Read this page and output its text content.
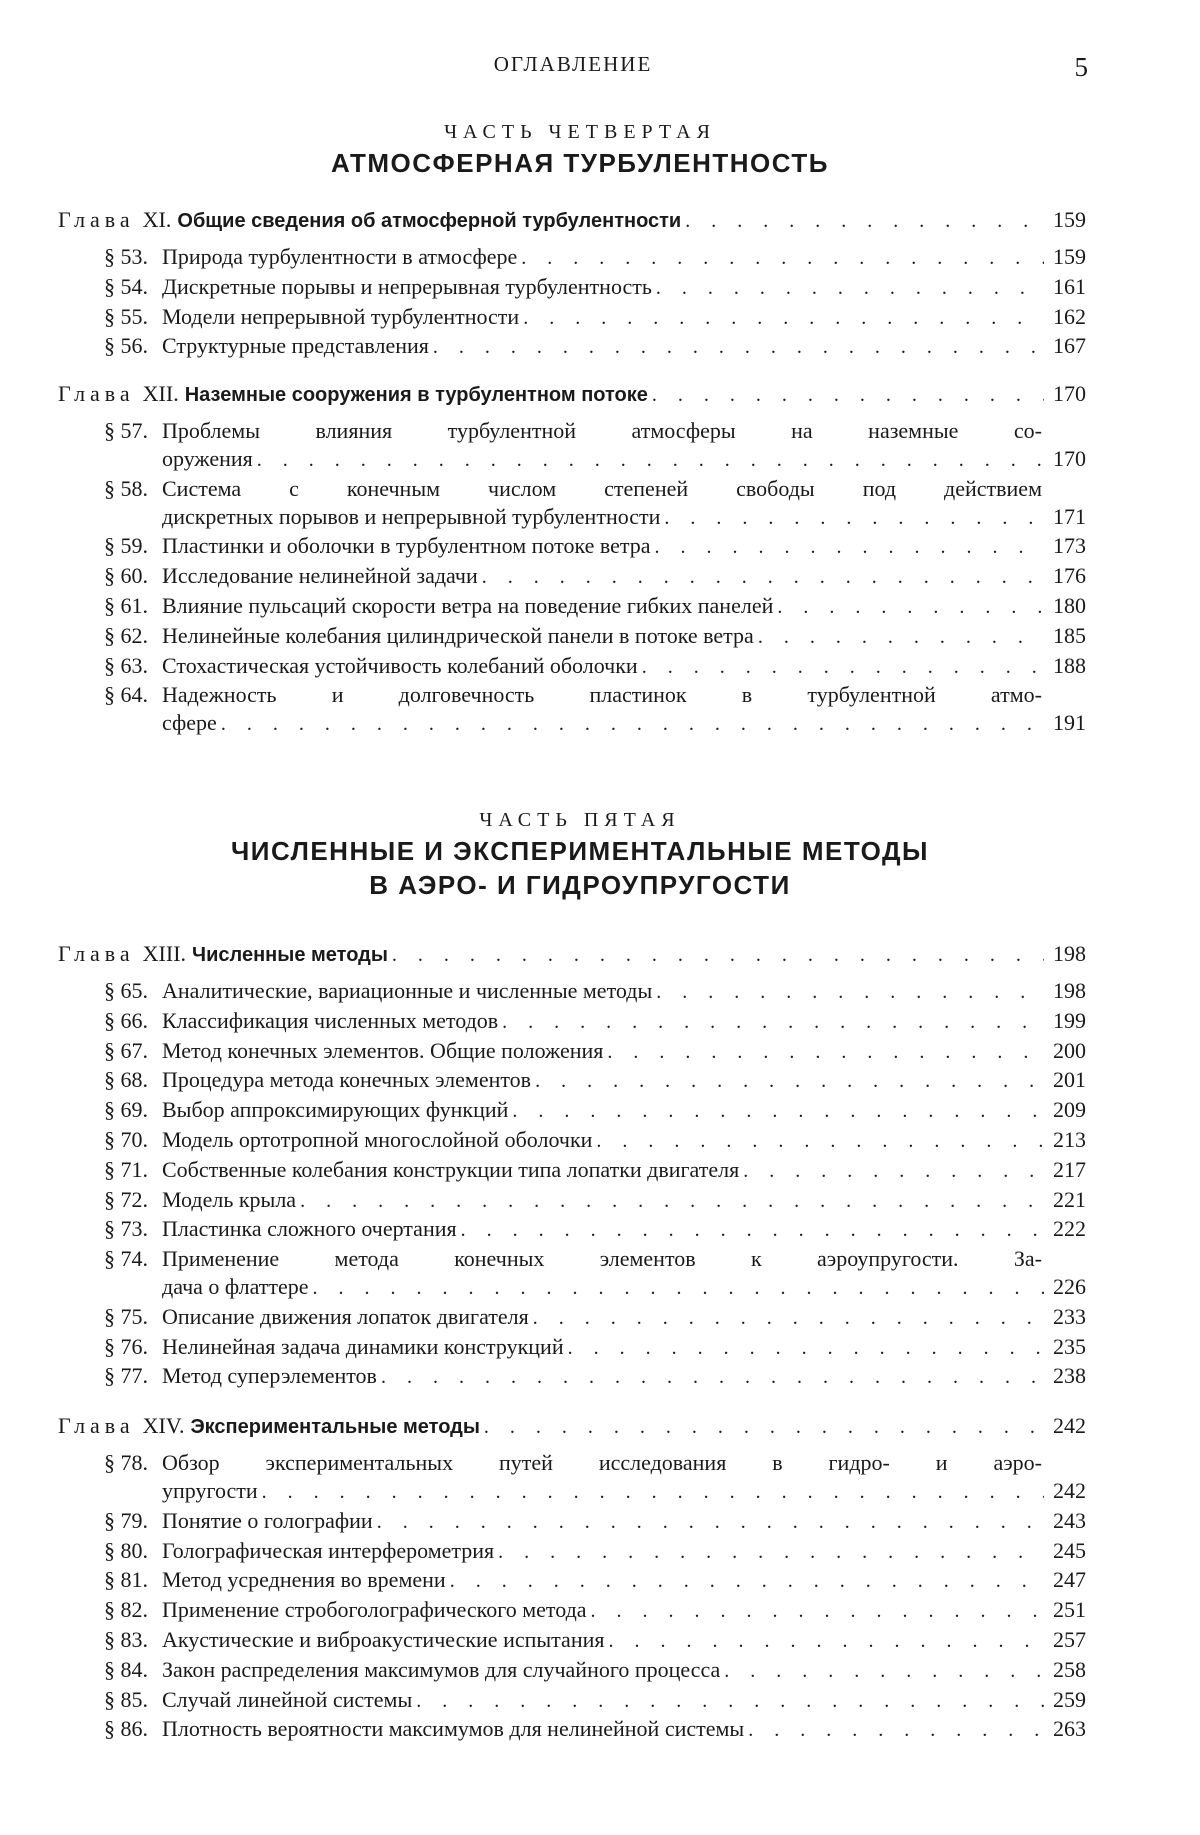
ОГЛАВЛЕНИЕ	5
ЧАСТЬ ЧЕТВЕРТАЯ
АТМОСФЕРНАЯ ТУРБУЛЕНТНОСТЬ
Глава XI. Общие сведения об атмосферной турбулентности . . .	159
§ 53. Природа турбулентности в атмосфере . . .	159
§ 54. Дискретные порывы и непрерывная турбулентность . . .	161
§ 55. Модели непрерывной турбулентности . . .	162
§ 56. Структурные представления . . .	167
Глава XII. Наземные сооружения в турбулентном потоке . . .	170
§ 57. Проблемы влияния турбулентной атмосферы на наземные со-
оружения . . .	170
§ 58. Система с конечным числом степеней свободы под действием
дискретных порывов и непрерывной турбулентности . . .	171
§ 59. Пластинки и оболочки в турбулентном потоке ветра . . .	173
§ 60. Исследование нелинейной задачи . . .	176
§ 61. Влияние пульсаций скорости ветра на поведение гибких панелей . . .	180
§ 62. Нелинейные колебания цилиндрической панели в потоке ветра . . .	185
§ 63. Стохастическая устойчивость колебаний оболочки . . .	188
§ 64. Надежность и долговечность пластинок в турбулентной атмо-
сфере . . .	191
ЧАСТЬ ПЯТАЯ
ЧИСЛЕННЫЕ И ЭКСПЕРИМЕНТАЛЬНЫЕ МЕТОДЫ
В АЭРО- И ГИДРОУПРУГОСТИ
Глава XIII. Численные методы . . .	198
§ 65. Аналитические, вариационные и численные методы . . .	198
§ 66. Классификация численных методов . . .	199
§ 67. Метод конечных элементов. Общие положения . . .	200
§ 68. Процедура метода конечных элементов . . .	201
§ 69. Выбор аппроксимирующих функций . . .	209
§ 70. Модель ортотропной многослойной оболочки . . .	213
§ 71. Собственные колебания конструкции типа лопатки двигателя . . .	217
§ 72. Модель крыла . . .	221
§ 73. Пластинка сложного очертания . . .	222
§ 74. Применение метода конечных элементов к аэроупругости. За-
дача о флаттере . . .	226
§ 75. Описание движения лопаток двигателя . . .	233
§ 76. Нелинейная задача динамики конструкций . . .	235
§ 77. Метод суперэлементов . . .	238
Глава XIV. Экспериментальные методы . . .	242
§ 78. Обзор экспериментальных путей исследования в гидро- и аэро-
упругости . . .	242
§ 79. Понятие о голографии . . .	243
§ 80. Голографическая интерферометрия . . .	245
§ 81. Метод усреднения во времени . . .	247
§ 82. Применение стробоголографического метода . . .	251
§ 83. Акустические и виброакустические испытания . . .	257
§ 84. Закон распределения максимумов для случайного процесса . . .	258
§ 85. Случай линейной системы . . .	259
§ 86. Плотность вероятности максимумов для нелинейной системы . . .	263
